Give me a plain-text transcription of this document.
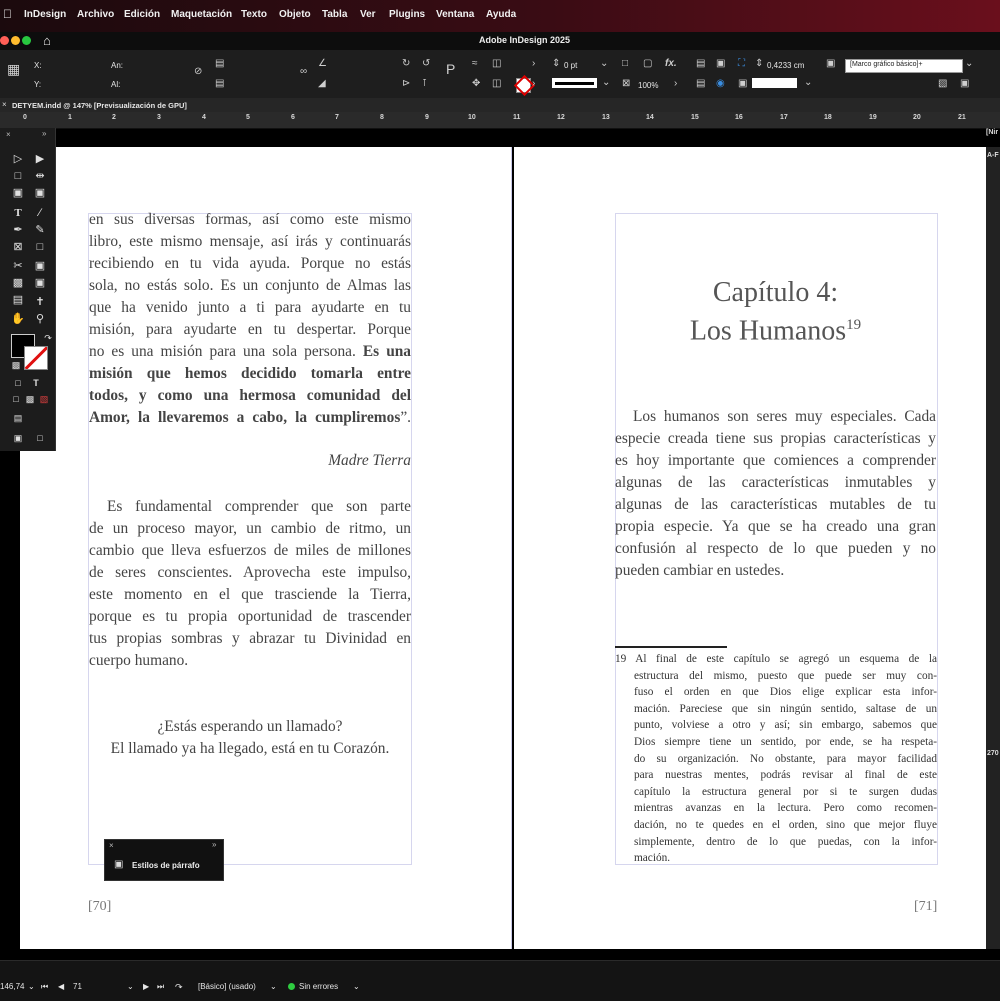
InDesign Archivo Edición Maquetación Texto Objeto Tabla Ver Plugins Ventana Ayuda
Adobe InDesign 2025
⌂
▦ X:
Y:
An:
Al:
⊘
▤
▤
∞
∠
◢
↻ ↺ P
⊳ ⊺
≈
✥
◫
◫
›
›
⇕ 0 pt ⌄
⌄
□ ▢ fx.
⊠ 100% ›
▤ ▣ ⛶
▤ ◉ ▣
⇕ 0,4233 cm
⌄
▣ [Marco gráfico básico]+	⌄
▧ ▣
× DETYEM.indd @ 147% [Previsualización de GPU]
0	1	2	3	4	5	6	7	8	9	10	11	12	13	14	15	16	17	18	19	20	21
[Nir
A-F
270
en sus diversas formas, así como este mismo
libro, este mismo mensaje, así irás y continuarás
recibiendo en tu vida ayuda. Porque no estás
sola, no estás solo. Es un conjunto de Almas las
que ha venido junto a ti para ayudarte en tu
misión, para ayudarte en tu despertar. Porque
no es una misión para una sola persona. Es una
misión que hemos decidido tomarla entre
todos, y como una hermosa comunidad del
Amor, la llevaremos a cabo, la cumpliremos”.
Madre Tierra
Es fundamental comprender que son parte
de un proceso mayor, un cambio de ritmo, un
cambio que lleva esfuerzos de miles de millones
de seres conscientes. Aprovecha este impulso,
este momento en el que trasciende la Tierra,
porque es tu propia oportunidad de trascender
tus propias sombras y abrazar tu Divinidad en
cuerpo humano.
¿Estás esperando un llamado?
El llamado ya ha llegado, está en tu Corazón.
[70]
Capítulo 4:
Los Humanos$^{19}$
Los humanos son seres muy especiales. Cada
especie creada tiene sus propias características y
es hoy importante que comiences a comprender
algunas de las características inmutables y
algunas de las características mutables de tu
propia especie. Ya que se ha creado una gran
confusión al respecto de lo que pueden y no
pueden cambiar en ustedes.
19 Al final de este capítulo se agregó un esquema de la
estructura del mismo, puesto que puede ser muy con-
fuso el orden en que Dios elige explicar esta infor-
mación. Pareciese que sin ningún sentido, saltase de un
punto, volviese a otro y así; sin embargo, sabemos que
Dios siempre tiene un sentido, por ende, se ha respeta-
do su organización. No obstante, para mayor facilidad
para nuestras mentes, podrás revisar al final de este
capítulo la estructura general por si te surgen dudas
mientras avanzas en la lectura. Pero como recomen-
dación, no te quedes en el orden, sino que mejor fluye
simplemente, dentro de lo que puedas, con la infor-
mación.
[71]
×	»
▷	▶
□	⇹
▣ ▣
T	∕
✒	✎
⊠	□
✂	▣
▩ ▣
▤	✝
✋	⚲
↷
▩
□	T
□ ▩ ▧
▤
▣	□
×	»
▣ Estilos de párrafo
146,74 ⌄ ⏮ ◀ 71	⌄ ▶ ⏭ ↷ [Básico] (usado) ⌄	Sin errores ⌄
